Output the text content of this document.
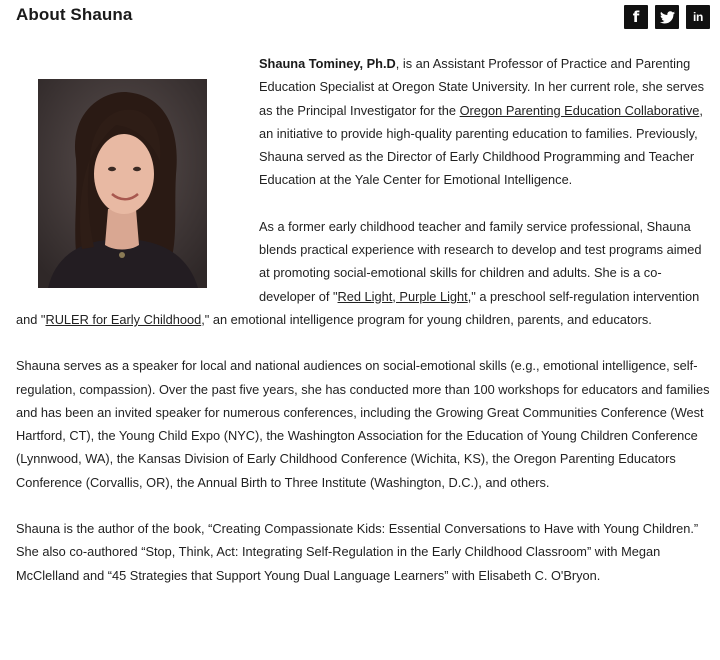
About Shauna	f	in

Shauna Tominey, Ph.D, is an Assistant Professor of Practice and Parenting Education Specialist at Oregon State University. In her current role, she serves as the Principal Investigator for the Oregon Parenting Education Collaborative, an initiative to provide high-quality parenting education to families. Previously, Shauna served as the Director of Early Childhood Programming and Teacher Education at the Yale Center for Emotional Intelligence.

As a former early childhood teacher and family service professional, Shauna blends practical experience with research to develop and test programs aimed at promoting social-emotional skills for children and adults. She is a co-developer of "Red Light, Purple Light," a preschool self-regulation intervention and "RULER for Early Childhood," an emotional intelligence program for young children, parents, and educators.

Shauna serves as a speaker for local and national audiences on social-emotional skills (e.g., emotional intelligence, self-regulation, compassion). Over the past five years, she has conducted more than 100 workshops for educators and families and has been an invited speaker for numerous conferences, including the Growing Great Communities Conference (West Hartford, CT), the Young Child Expo (NYC), the Washington Association for the Education of Young Children Conference (Lynnwood, WA), the Kansas Division of Early Childhood Conference (Wichita, KS), the Oregon Parenting Educators Conference (Corvallis, OR), the Annual Birth to Three Institute (Washington, D.C.), and others.

Shauna is the author of the book, “Creating Compassionate Kids: Essential Conversations to Have with Young Children.” She also co-authored “Stop, Think, Act: Integrating Self-Regulation in the Early Childhood Classroom” with Megan McClelland and “45 Strategies that Support Young Dual Language Learners” with Elisabeth C. O'Bryon.
